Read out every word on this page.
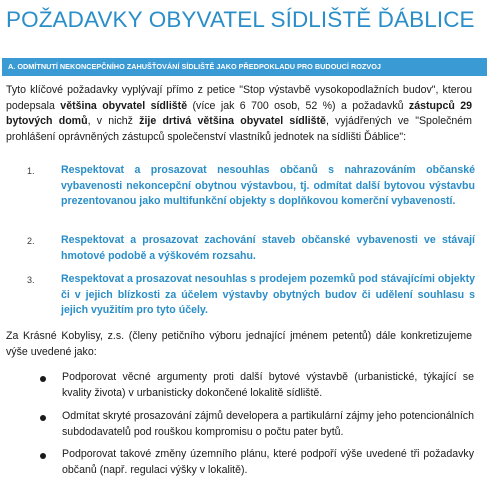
POŽADAVKY OBYVATEL SÍDLIŠTĚ ĎÁBLICE
A. ODMÍTNUTÍ NEKONCEPČNÍHO ZAHUŠŤOVÁNÍ SÍDLIŠTĚ JAKO PŘEDPOKLADU PRO BUDOUCÍ ROZVOJ
Tyto klíčové požadavky vyplývají přímo z petice "Stop výstavbě vysokopodlažních budov", kterou podepsala většina obyvatel sídliště (více jak 6 700 osob, 52 %) a požadavků zástupců 29 bytových domů, v nichž žije drtivá většina obyvatel sídliště, vyjádřených ve "Společném prohlášení oprávněných zástupců společenství vlastníků jednotek na sídlišti Ďáblice":
1. Respektovat a prosazovat nesouhlas občanů s nahrazováním občanské vybavenosti nekoncepční obytnou výstavbou, tj. odmítat další bytovou výstavbu prezentovanou jako multifunkční objekty s doplňkovou komerční vybaveností.
2. Respektovat a prosazovat zachování staveb občanské vybavenosti ve stávají hmotové podobě a výškovém rozsahu.
3. Respektovat a prosazovat nesouhlas s prodejem pozemků pod stávajícími objekty či v jejich blízkosti za účelem výstavby obytných budov či udělení souhlasu s jejich využitím pro tyto účely.
Za Krásné Kobylisy, z.s. (členy petičního výboru jednající jménem petentů) dále konkretizujeme výše uvedené jako:
Podporovat věcné argumenty proti další bytové výstavbě (urbanistické, týkající se kvality života) v urbanisticky dokončené lokalitě sídliště.
Odmítat skryté prosazování zájmů developera a partikulární zájmy jeho potencionálních subdodavatelů pod rouškou kompromisu o počtu pater bytů.
Podporovat takové změny územního plánu, které podpoří výše uvedené tři požadavky občanů (např. regulaci výšky v lokalitě).
